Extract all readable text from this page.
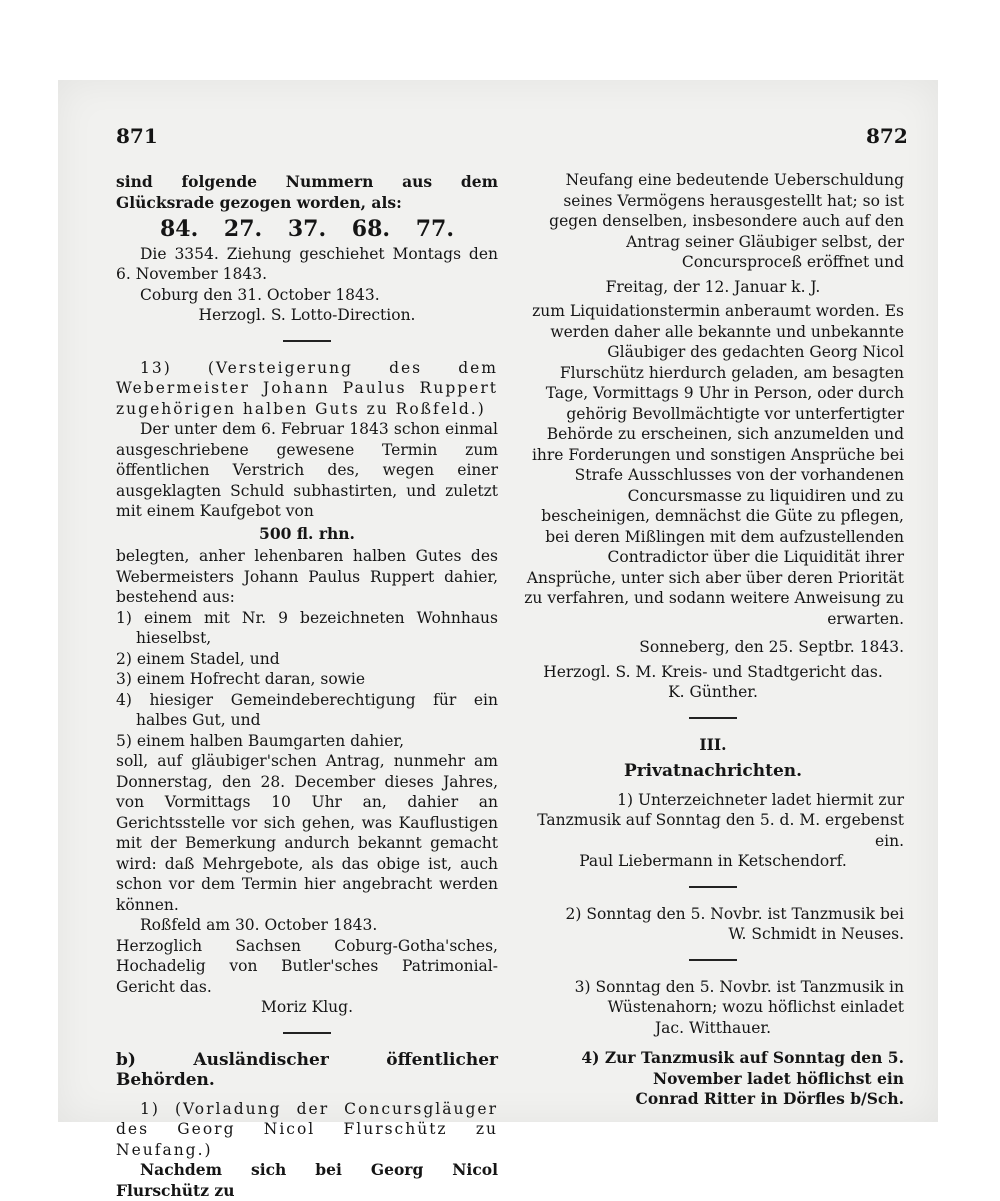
871	872

sind folgende Nummern aus dem Glücksrade gezogen worden, als:

84. 27. 37. 68. 77.

Die 3354. Ziehung geschiehet Montags den 6. November 1843.

Coburg den 31. October 1843.

Herzogl. S. Lotto-Direction.

13) (Versteigerung des dem Webermeister Johann Paulus Ruppert zugehörigen halben Guts zu Roßfeld.)

Der unter dem 6. Februar 1843 schon einmal ausgeschriebene gewesene Termin zum öffentlichen Verstrich des, wegen einer ausgeklagten Schuld subhastirten, und zuletzt mit einem Kaufgebot von

500 fl. rhn.

belegten, anher lehenbaren halben Gutes des Webermeisters Johann Paulus Ruppert dahier, bestehend aus:

1) einem mit Nr. 9 bezeichneten Wohnhaus hieselbst,

2) einem Stadel, und

3) einem Hofrecht daran, sowie

4) hiesiger Gemeindeberechtigung für ein halbes Gut, und

5) einem halben Baumgarten dahier,

soll, auf gläubiger'schen Antrag, nunmehr am Donnerstag, den 28. December dieses Jahres, von Vormittags 10 Uhr an, dahier an Gerichtsstelle vor sich gehen, was Kauflustigen mit der Bemerkung andurch bekannt gemacht wird: daß Mehrgebote, als das obige ist, auch schon vor dem Termin hier angebracht werden können.

Roßfeld am 30. October 1843.

Herzoglich Sachsen Coburg-Gotha'sches, Hochadelig von Butler'sches Patrimonial-Gericht das.

Moriz Klug.

b) Ausländischer öffentlicher Behörden.

1) (Vorladung der Concursgläuger des Georg Nicol Flurschütz zu Neufang.)

Nachdem sich bei Georg Nicol Flurschütz zu

Neufang eine bedeutende Ueberschuldung seines Vermögens herausgestellt hat; so ist gegen denselben, insbesondere auch auf den Antrag seiner Gläubiger selbst, der Concursproceß eröffnet und

Freitag, der 12. Januar k. J.

zum Liquidationstermin anberaumt worden. Es werden daher alle bekannte und unbekannte Gläubiger des gedachten Georg Nicol Flurschütz hierdurch geladen, am besagten Tage, Vormittags 9 Uhr in Person, oder durch gehörig Bevollmächtigte vor unterfertigter Behörde zu erscheinen, sich anzumelden und ihre Forderungen und sonstigen Ansprüche bei Strafe Ausschlusses von der vorhandenen Concursmasse zu liquidiren und zu bescheinigen, demnächst die Güte zu pflegen, bei deren Mißlingen mit dem aufzustellenden Contradictor über die Liquidität ihrer Ansprüche, unter sich aber über deren Priorität zu verfahren, und sodann weitere Anweisung zu erwarten.

Sonneberg, den 25. Septbr. 1843.

Herzogl. S. M. Kreis- und Stadtgericht das.

K. Günther.

III.

Privatnachrichten.

1) Unterzeichneter ladet hiermit zur Tanzmusik auf Sonntag den 5. d. M. ergebenst ein.

Paul Liebermann in Ketschendorf.

2) Sonntag den 5. Novbr. ist Tanzmusik bei W. Schmidt in Neuses.

3) Sonntag den 5. Novbr. ist Tanzmusik in Wüstenahorn; wozu höflichst einladet

Jac. Witthauer.

4) Zur Tanzmusik auf Sonntag den 5. November ladet höflichst ein

Conrad Ritter in Dörfles b/Sch.
